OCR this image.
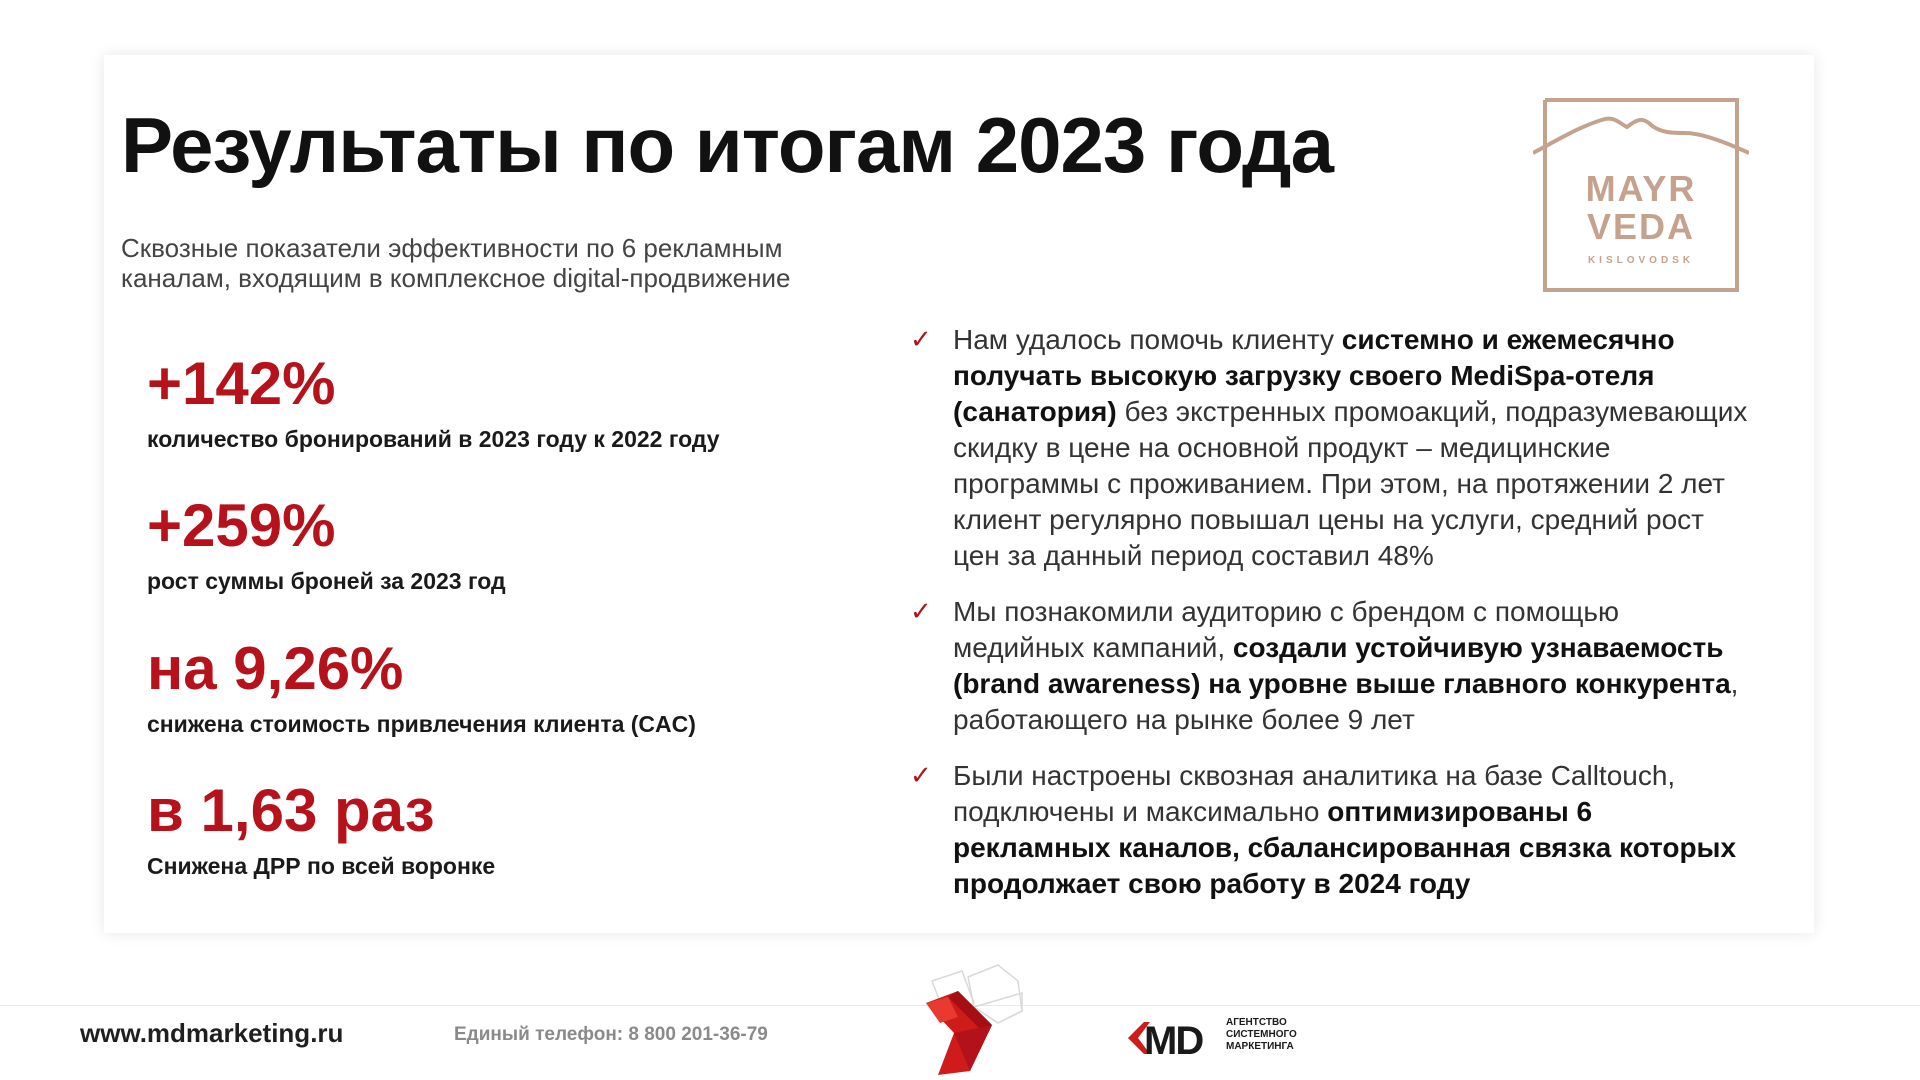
Результаты по итогам 2023 года
Сквозные показатели эффективности по 6 рекламным
каналам, входящим в комплексное digital-продвижение
MAYR
VEDA
KISLOVODSK
+142%
количество бронирований в 2023 году к 2022 году
+259%
рост суммы броней за 2023 год
на 9,26%
снижена стоимость привлечения клиента (CAC)
в 1,63 раз
Снижена ДРР по всей воронке
✓ Нам удалось помочь клиенту системно и ежемесячно получать высокую загрузку своего MediSpa-отеля (санатория) без экстренных промоакций, подразумевающих скидку в цене на основной продукт – медицинские программы с проживанием. При этом, на протяжении 2 лет клиент регулярно повышал цены на услуги, средний рост цен за данный период составил 48%
✓ Мы познакомили аудиторию с брендом с помощью медийных кампаний, создали устойчивую узнаваемость (brand awareness) на уровне выше главного конкурента, работающего на рынке более 9 лет
✓ Были настроены сквозная аналитика на базе Calltouch, подключены и максимально оптимизированы 6 рекламных каналов, сбалансированная связка которых продолжает свою работу в 2024 году
www.mdmarketing.ru	Единый телефон: 8 800 201-36-79	MD АГЕНТСТВО
СИСТЕМНОГО
МАРКЕТИНГА
